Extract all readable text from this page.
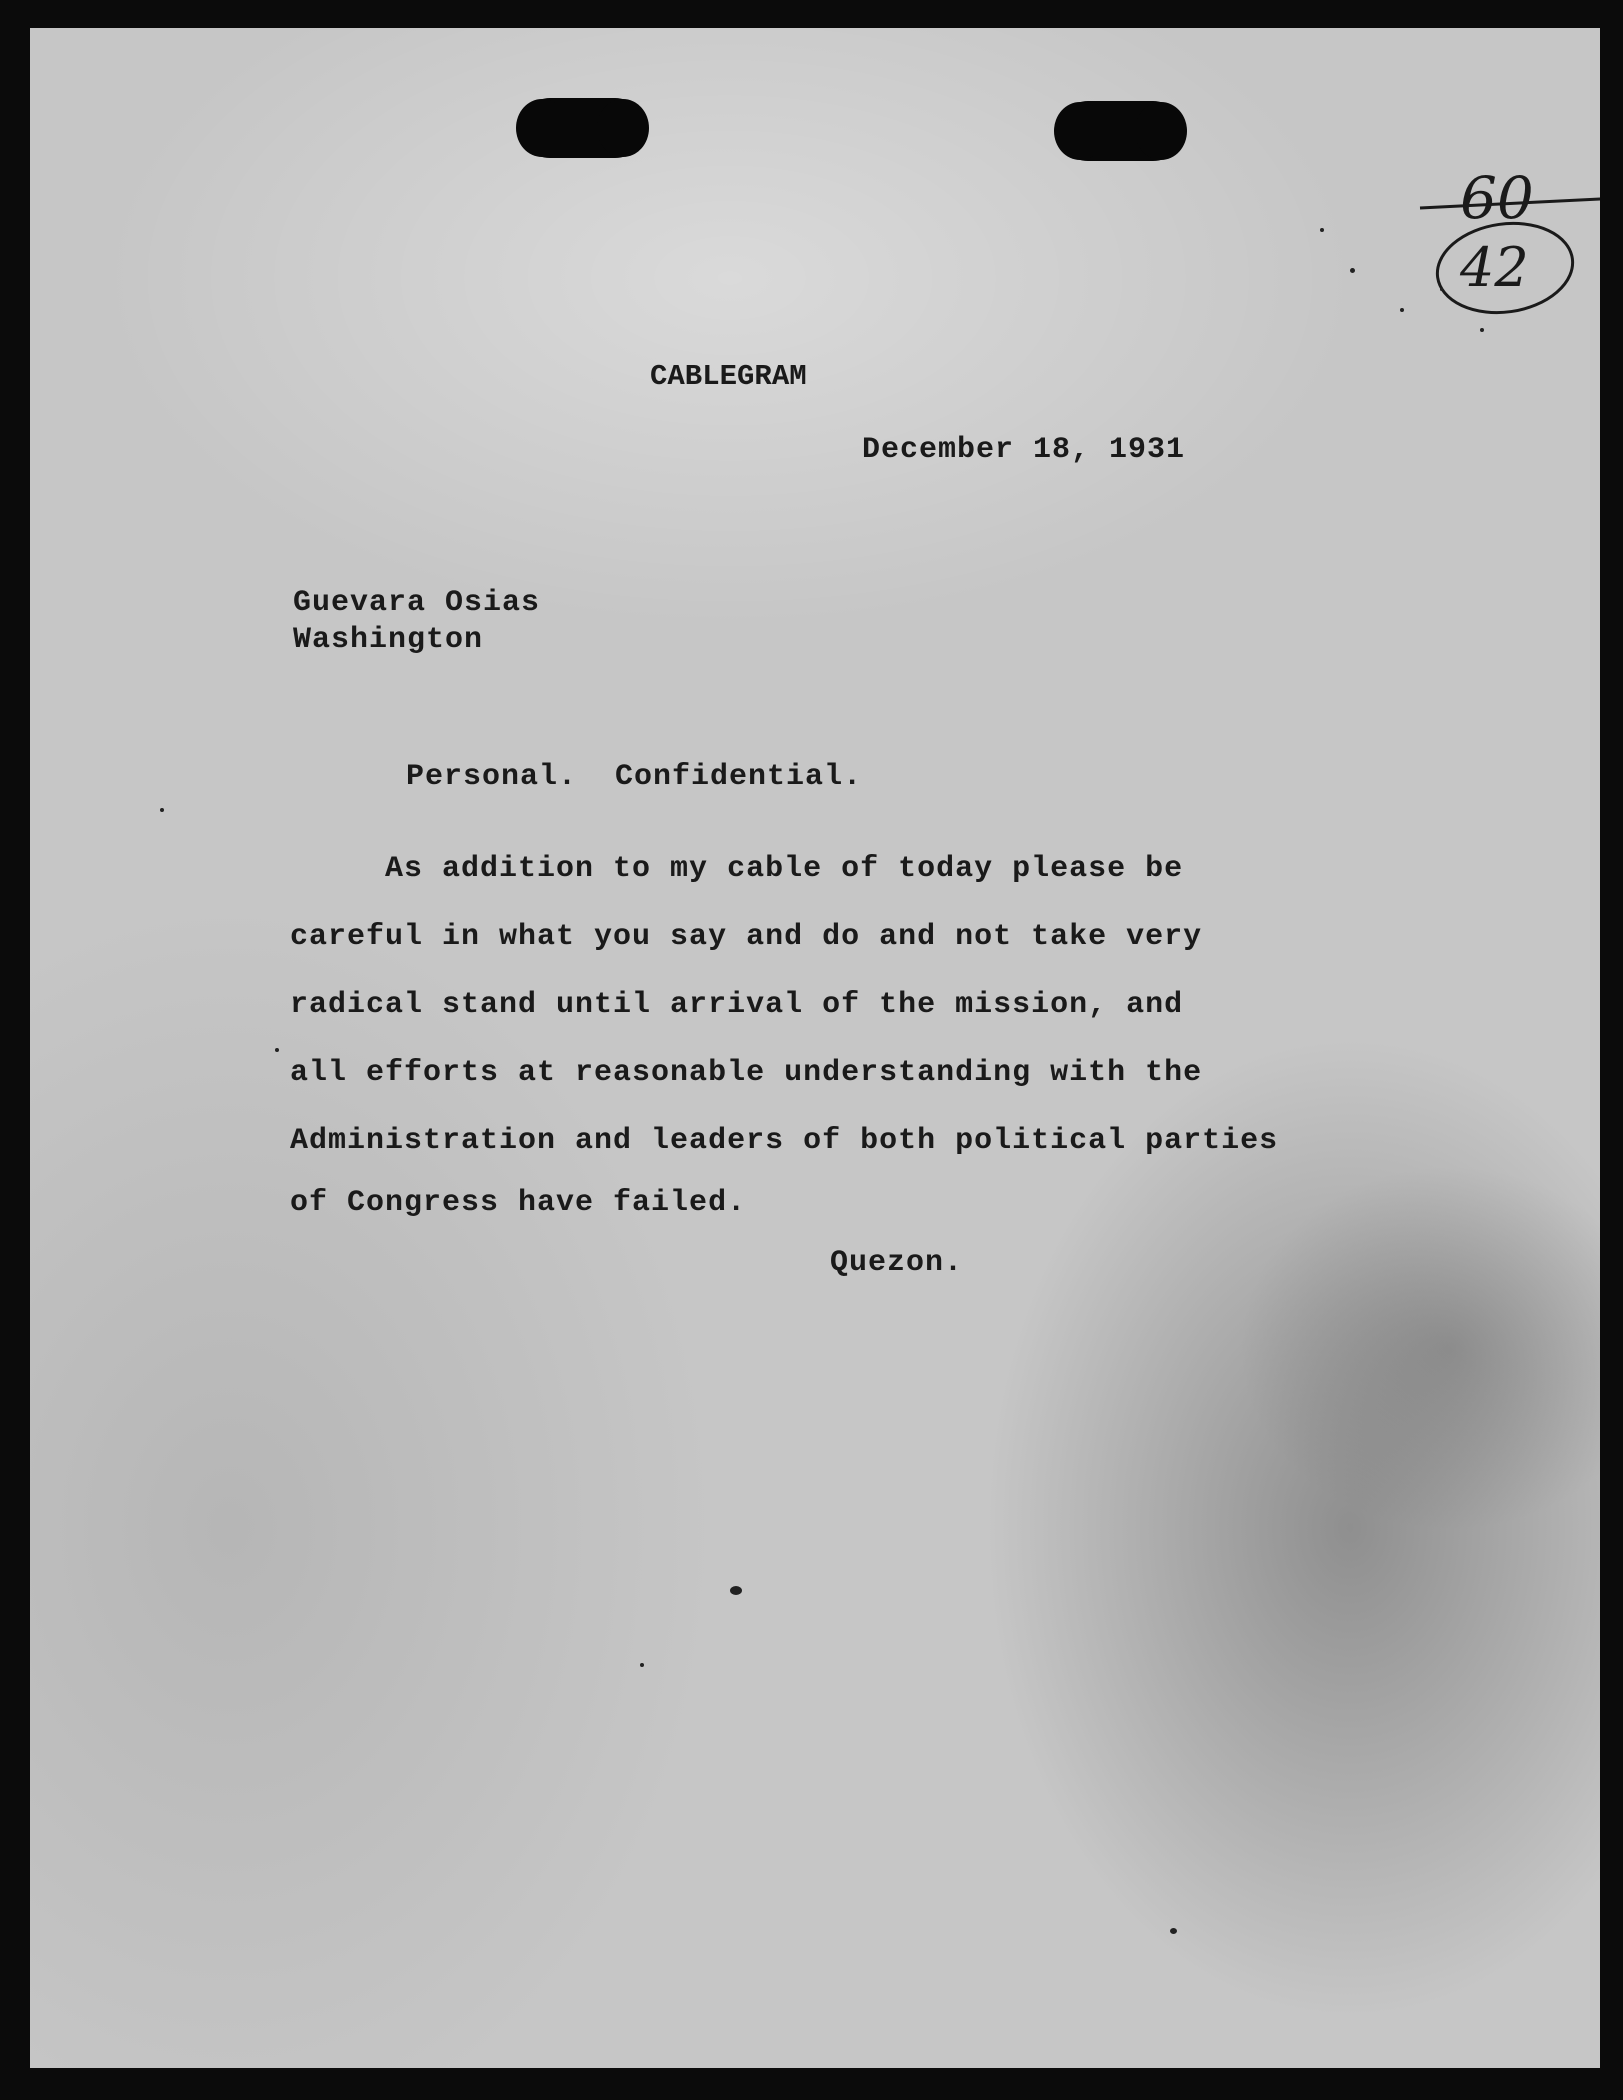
60
42
CABLEGRAM
December 18, 1931
Guevara Osias
Washington
Personal.  Confidential.
As addition to my cable of today please be
careful in what you say and do and not take very
radical stand until arrival of the mission, and
all efforts at reasonable understanding with the
Administration and leaders of both political parties
of Congress have failed.
Quezon.
